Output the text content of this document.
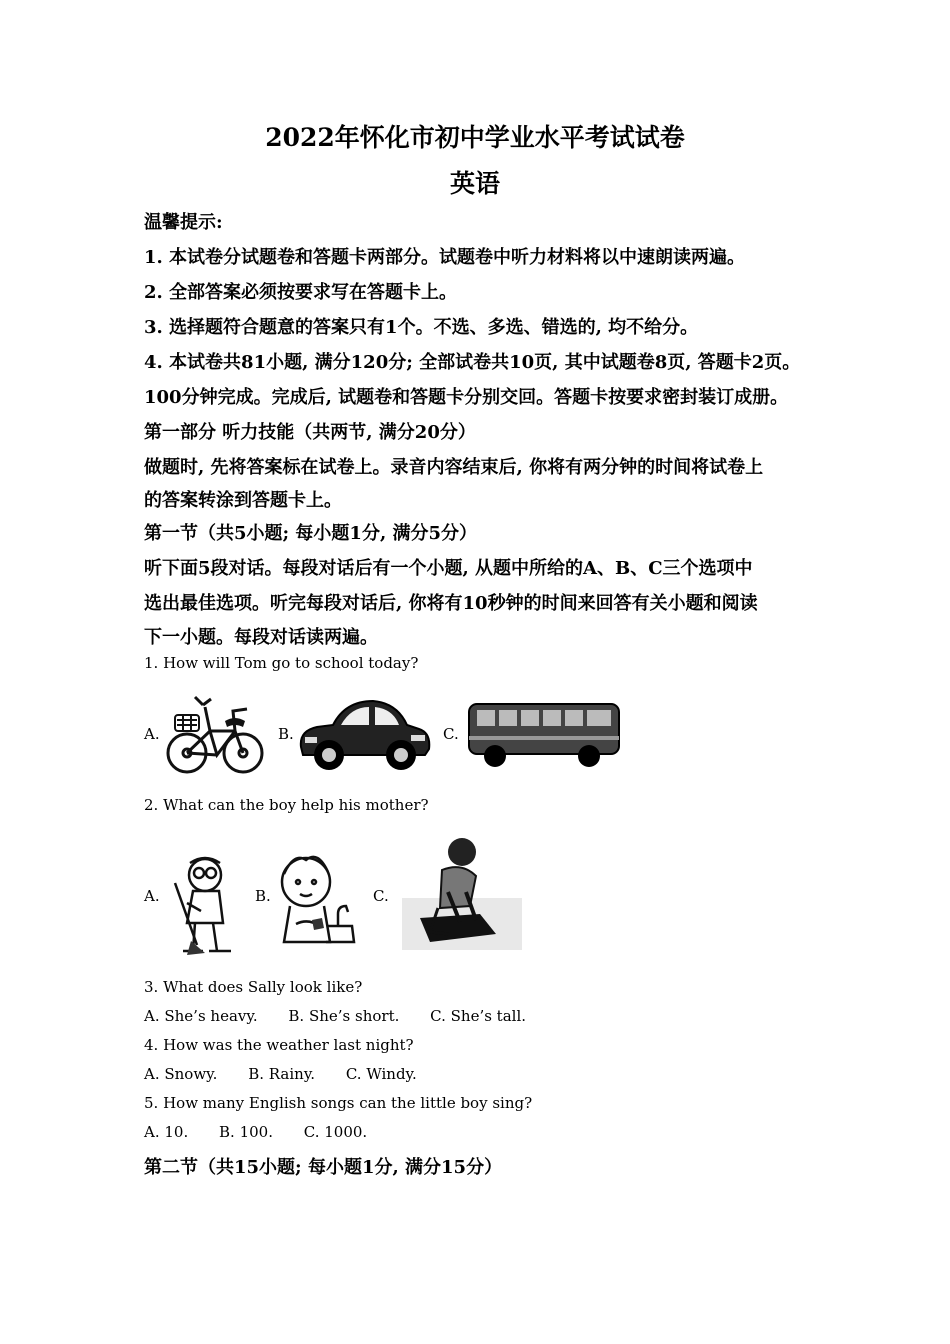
2022年怀化市初中学业水平考试试卷
英语
温馨提示:
1. 本试卷分试题卷和答题卡两部分。试题卷中听力材料将以中速朗读两遍。
2. 全部答案必须按要求写在答题卡上。
3. 选择题符合题意的答案只有1个。不选、多选、错选的, 均不给分。
4. 本试卷共81小题, 满分120分; 全部试卷共10页, 其中试题卷8页, 答题卡2页。
100分钟完成。完成后, 试题卷和答题卡分别交回。答题卡按要求密封装订成册。
第一部分 听力技能（共两节, 满分20分）
做题时, 先将答案标在试卷上。录音内容结束后, 你将有两分钟的时间将试卷上
的答案转涂到答题卡上。
第一节（共5小题; 每小题1分, 满分5分）
听下面5段对话。每段对话后有一个小题, 从题中所给的A、B、C三个选项中
选出最佳选项。听完每段对话后, 你将有10秒钟的时间来回答有关小题和阅读
下一小题。每段对话读两遍。
1. How will Tom go to school today?
A.	B.	C.
2. What can the boy help his mother?
A.	B.	C.
3. What does Sally look like?
A. She’s heavy. B. She’s short. C. She’s tall.
4. How was the weather last night?
A. Snowy. B. Rainy. C. Windy.
5. How many English songs can the little boy sing?
A. 10. B. 100. C. 1000.
第二节（共15小题; 每小题1分, 满分15分）
